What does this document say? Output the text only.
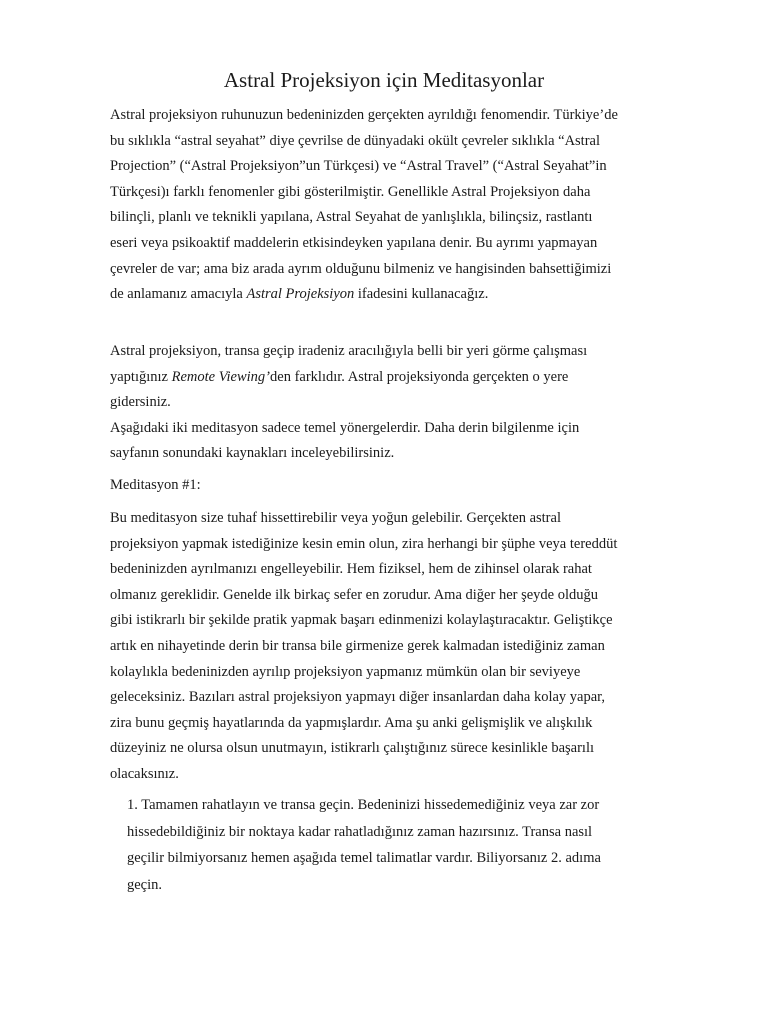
Astral Projeksiyon için Meditasyonlar

Astral projeksiyon ruhunuzun bedeninizden gerçekten ayrıldığı fenomendir. Türkiye’de
bu sıklıkla “astral seyahat” diye çevrilse de dünyadaki okült çevreler sıklıkla “Astral
Projection” (“Astral Projeksiyon”un Türkçesi) ve “Astral Travel” (“Astral Seyahat”in
Türkçesi)ı farklı fenomenler gibi gösterilmiştir. Genellikle Astral Projeksiyon daha
bilinçli, planlı ve teknikli yapılana, Astral Seyahat de yanlışlıkla, bilinçsiz, rastlantı
eseri veya psikoaktif maddelerin etkisindeyken yapılana denir. Bu ayrımı yapmayan
çevreler de var; ama biz arada ayrım olduğunu bilmeniz ve hangisinden bahsettiğimizi
de anlamanız amacıyla Astral Projeksiyon ifadesini kullanacağız.

Astral projeksiyon, transa geçip iradeniz aracılığıyla belli bir yeri görme çalışması
yaptığınız Remote Viewing’den farklıdır. Astral projeksiyonda gerçekten o yere
gidersiniz.
Aşağıdaki iki meditasyon sadece temel yönergelerdir. Daha derin bilgilenme için
sayfanın sonundaki kaynakları inceleyebilirsiniz.

Meditasyon #1:

Bu meditasyon size tuhaf hissettirebilir veya yoğun gelebilir. Gerçekten astral
projeksiyon yapmak istediğinize kesin emin olun, zira herhangi bir şüphe veya tereddüt
bedeninizden ayrılmanızı engelleyebilir. Hem fiziksel, hem de zihinsel olarak rahat
olmanız gereklidir. Genelde ilk birkaç sefer en zorudur. Ama diğer her şeyde olduğu
gibi istikrarlı bir şekilde pratik yapmak başarı edinmenizi kolaylaştıracaktır. Geliştikçe
artık en nihayetinde derin bir transa bile girmenize gerek kalmadan istediğiniz zaman
kolaylıkla bedeninizden ayrılıp projeksiyon yapmanız mümkün olan bir seviyeye
geleceksiniz. Bazıları astral projeksiyon yapmayı diğer insanlardan daha kolay yapar,
zira bunu geçmiş hayatlarında da yapmışlardır. Ama şu anki gelişmişlik ve alışkılık
düzeyiniz ne olursa olsun unutmayın, istikrarlı çalıştığınız sürece kesinlikle başarılı
olacaksınız.

1. Tamamen rahatlayın ve transa geçin. Bedeninizi hissedemediğiniz veya zar zor
hissedebildiğiniz bir noktaya kadar rahatladığınız zaman hazırsınız. Transa nasıl
geçilir bilmiyorsanız hemen aşağıda temel talimatlar vardır. Biliyorsanız 2. adıma
geçin.
